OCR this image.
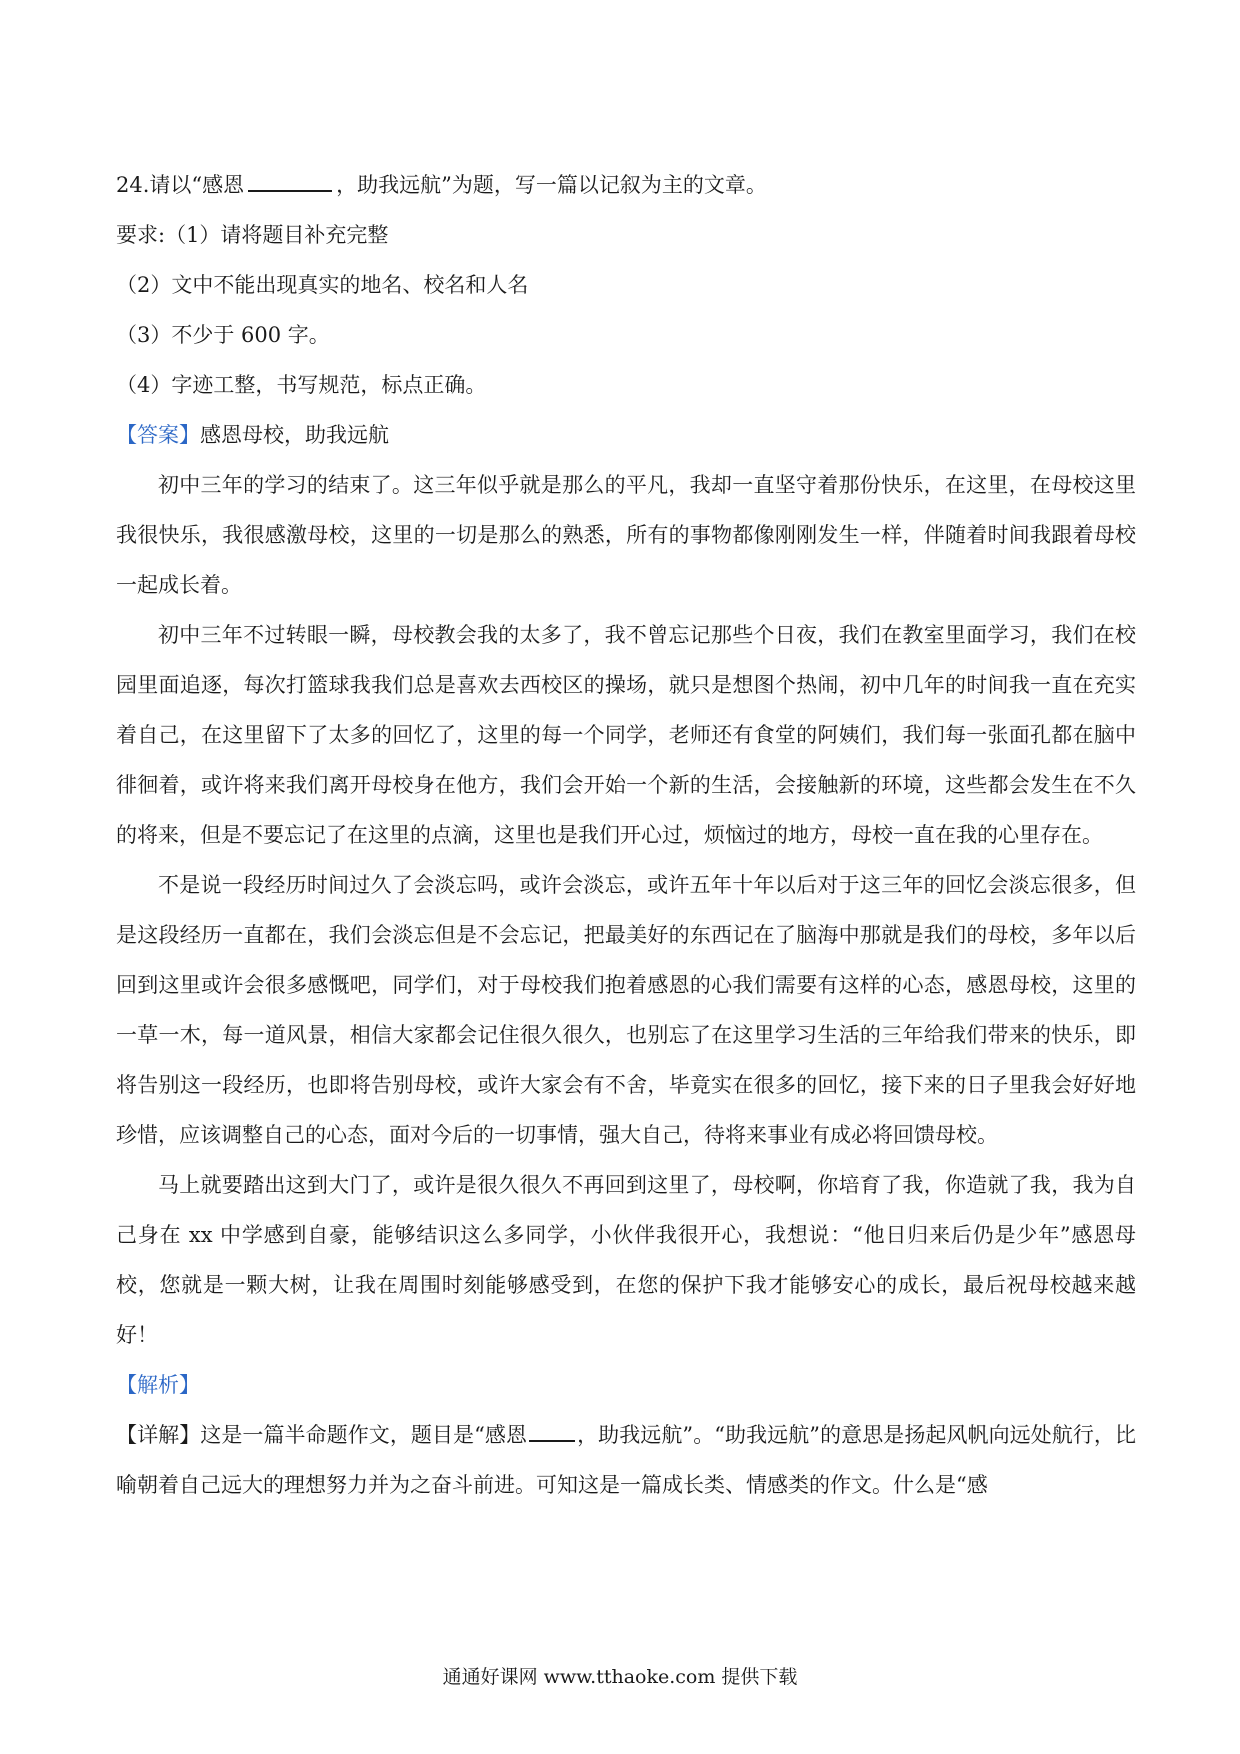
24.请以“感恩	，助我远航”为题，写一篇以记叙为主的文章。
要求:（1）请将题目补充完整
（2）文中不能出现真实的地名、校名和人名
（3）不少于 600 字。
（4）字迹工整，书写规范，标点正确。
【答案】感恩母校，助我远航

初中三年的学习的结束了。这三年似乎就是那么的平凡，我却一直坚守着那份快乐，在这里，在母校这里我很快乐，我很感激母校，这里的一切是那么的熟悉，所有的事物都像刚刚发生一样，伴随着时间我跟着母校一起成长着。

初中三年不过转眼一瞬，母校教会我的太多了，我不曾忘记那些个日夜，我们在教室里面学习，我们在校园里面追逐，每次打篮球我我们总是喜欢去西校区的操场，就只是想图个热闹，初中几年的时间我一直在充实着自己，在这里留下了太多的回忆了，这里的每一个同学，老师还有食堂的阿姨们，我们每一张面孔都在脑中徘徊着，或许将来我们离开母校身在他方，我们会开始一个新的生活，会接触新的环境，这些都会发生在不久的将来，但是不要忘记了在这里的点滴，这里也是我们开心过，烦恼过的地方，母校一直在我的心里存在。

不是说一段经历时间过久了会淡忘吗，或许会淡忘，或许五年十年以后对于这三年的回忆会淡忘很多，但是这段经历一直都在，我们会淡忘但是不会忘记，把最美好的东西记在了脑海中那就是我们的母校，多年以后回到这里或许会很多感慨吧，同学们，对于母校我们抱着感恩的心我们需要有这样的心态，感恩母校，这里的一草一木，每一道风景，相信大家都会记住很久很久，也别忘了在这里学习生活的三年给我们带来的快乐，即将告别这一段经历，也即将告别母校，或许大家会有不舍，毕竟实在很多的回忆，接下来的日子里我会好好地珍惜，应该调整自己的心态，面对今后的一切事情，强大自己，待将来事业有成必将回馈母校。

马上就要踏出这到大门了，或许是很久很久不再回到这里了，母校啊，你培育了我，你造就了我，我为自己身在 xx 中学感到自豪，能够结识这么多同学，小伙伴我很开心，我想说：“他日归来后仍是少年”感恩母校，您就是一颗大树，让我在周围时刻能够感受到，在您的保护下我才能够安心的成长，最后祝母校越来越好！

【解析】

【详解】这是一篇半命题作文，题目是“感恩 ，助我远航”。“助我远航”的意思是扬起风帆向远处航行，比喻朝着自己远大的理想努力并为之奋斗前进。可知这是一篇成长类、情感类的作文。什么是“感

通通好课网 www.tthaoke.com 提供下载
